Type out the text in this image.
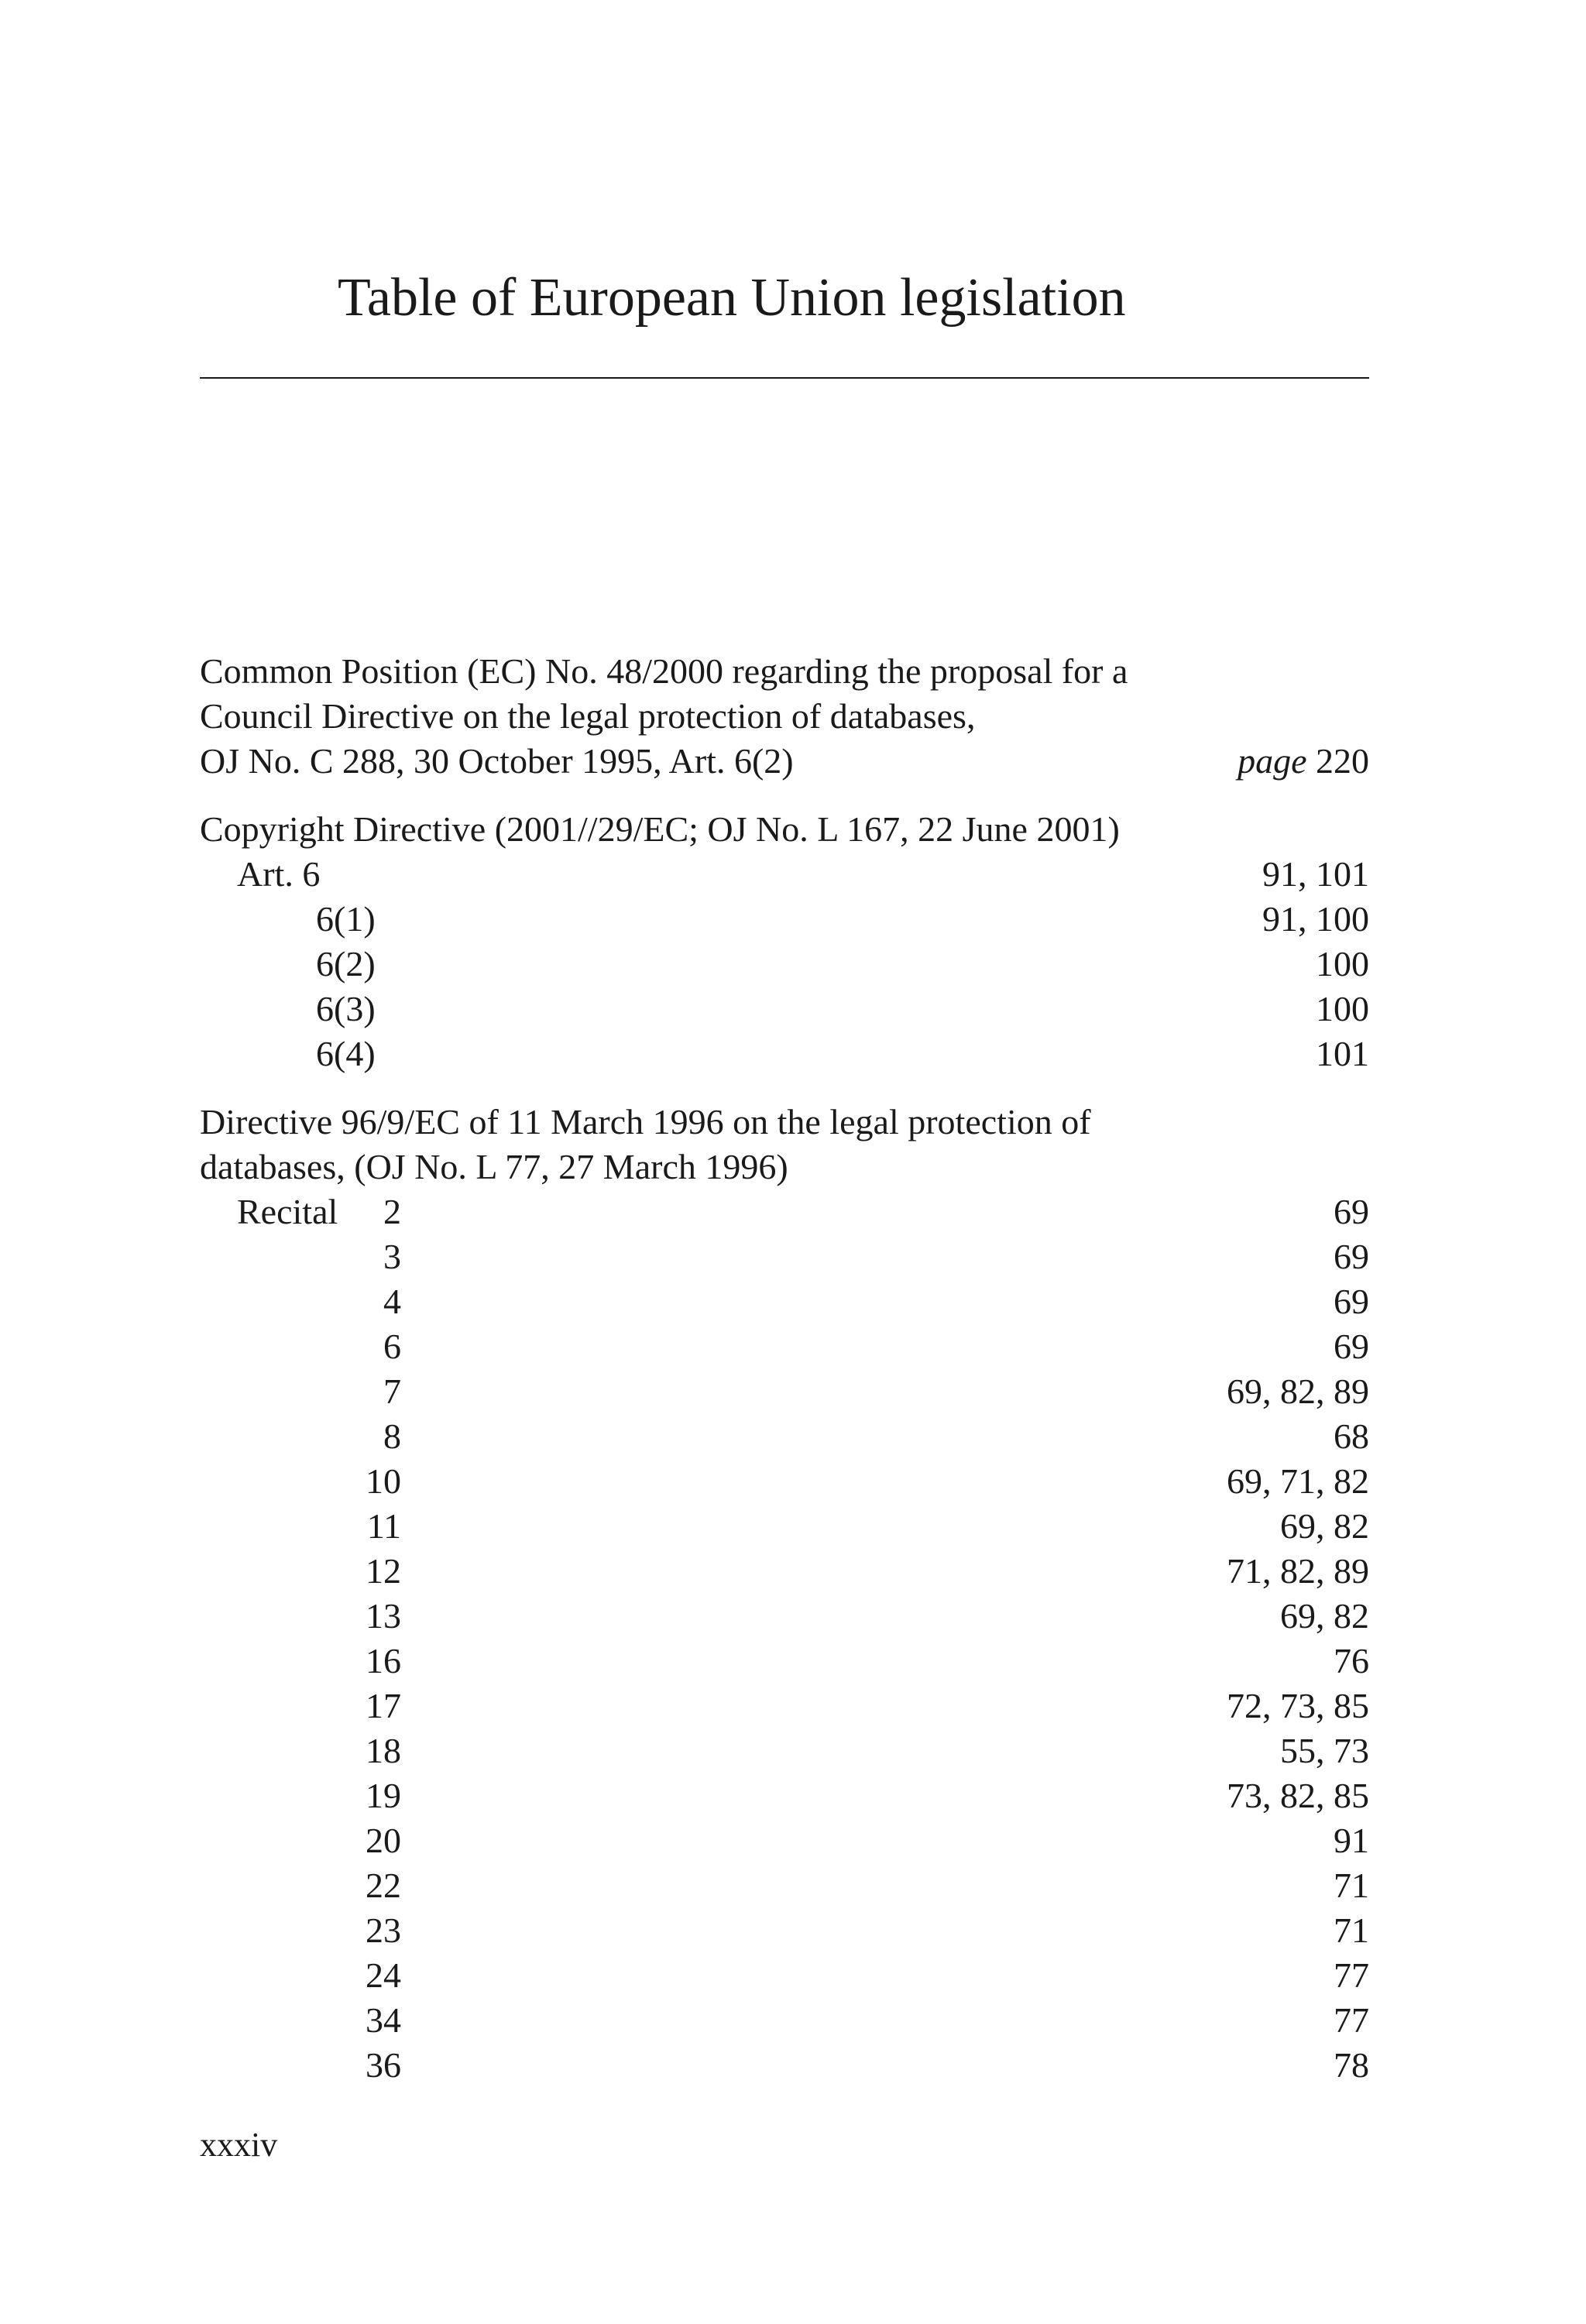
Table of European Union legislation
Common Position (EC) No. 48/2000 regarding the proposal for a
Council Directive on the legal protection of databases,
OJ No. C 288, 30 October 1995, Art. 6(2)	page 220
Copyright Directive (2001//29/EC; OJ No. L 167, 22 June 2001)
Art. 6	91, 101
6(1)	91, 100
6(2)	100
6(3)	100
6(4)	101
Directive 96/9/EC of 11 March 1996 on the legal protection of
databases, (OJ No. L 77, 27 March 1996)
Recital 2	69
3	69
4	69
6	69
7	69, 82, 89
8	68
10	69, 71, 82
11	69, 82
12	71, 82, 89
13	69, 82
16	76
17	72, 73, 85
18	55, 73
19	73, 82, 85
20	91
22	71
23	71
24	77
34	77
36	78
xxxiv
